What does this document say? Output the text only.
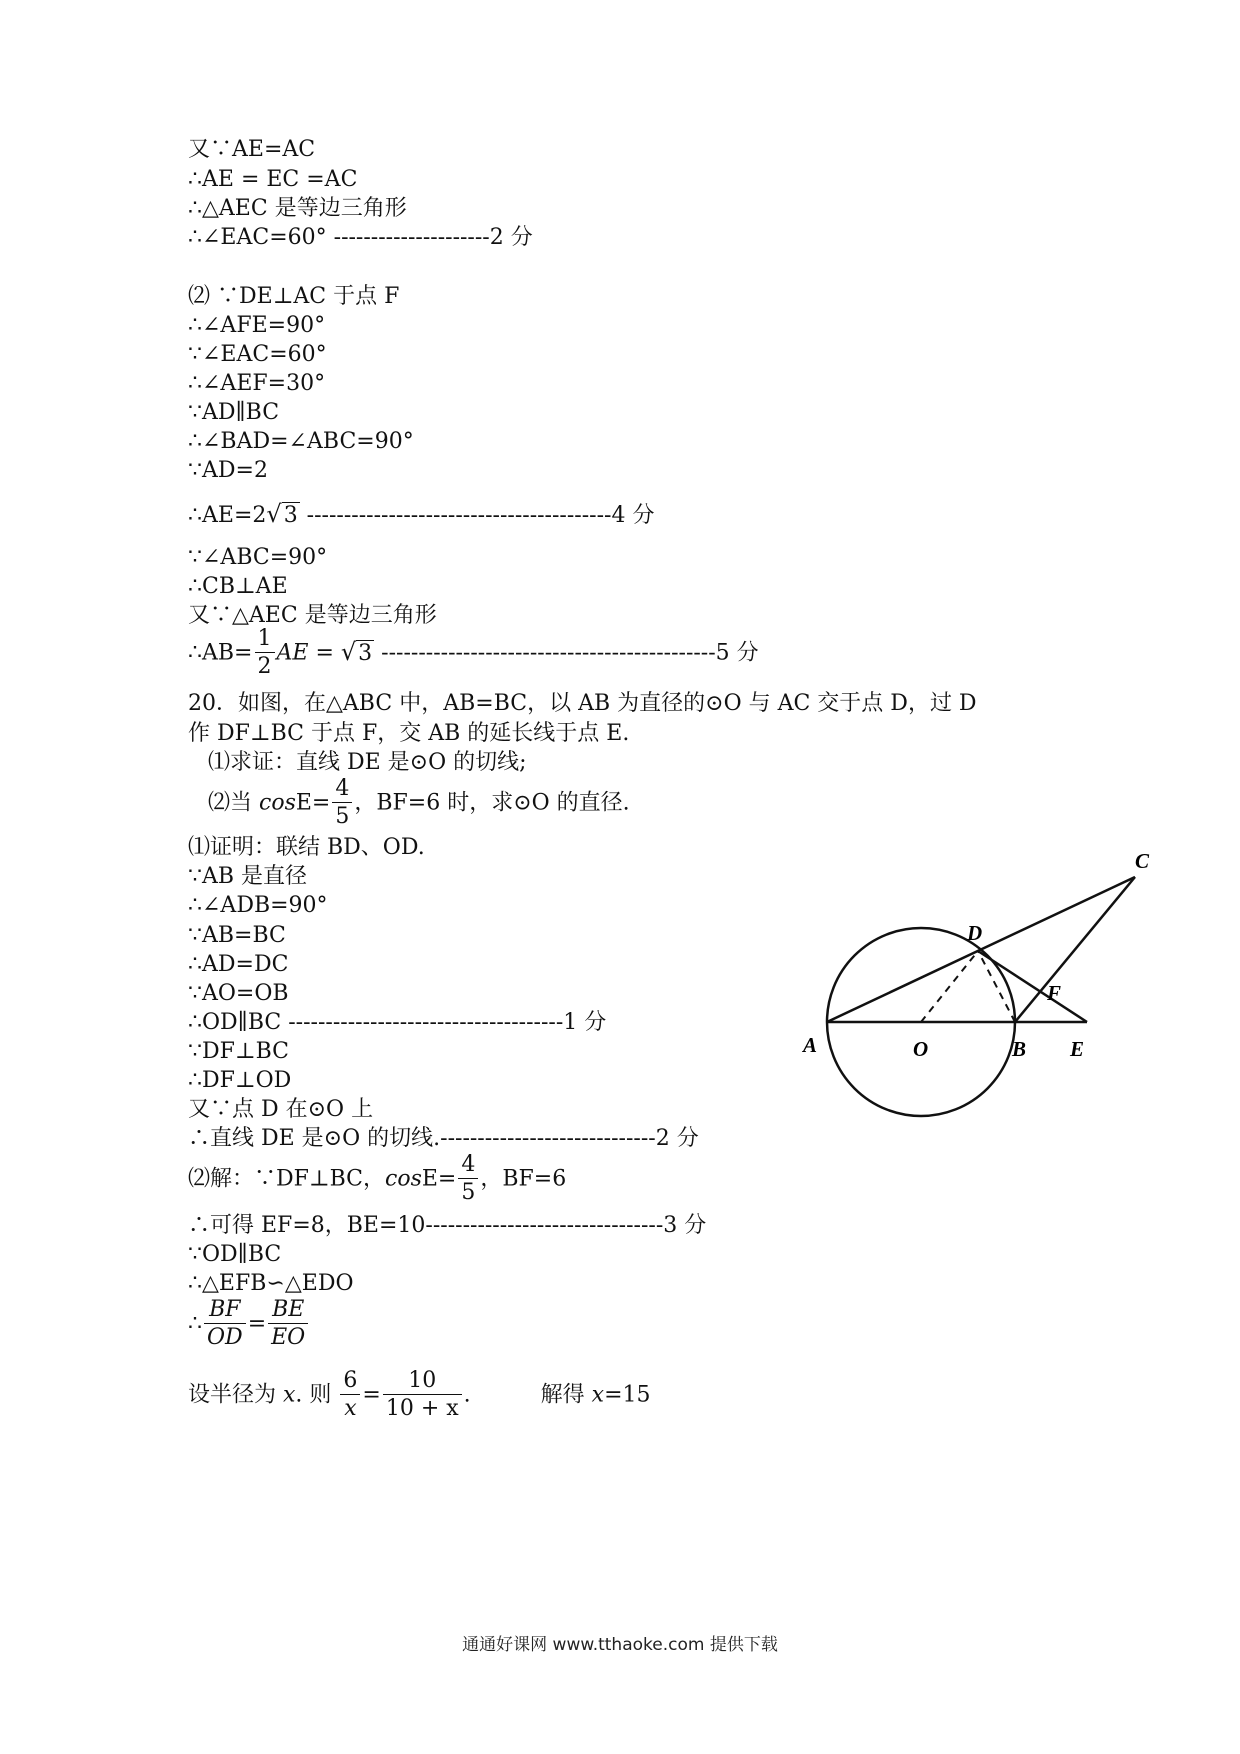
又∵AE=AC
∴AE = EC =AC
∴△AEC 是等边三角形
∴∠EAC=60° ---------------------2 分
⑵ ∵DE⊥AC 于点 F
∴∠AFE=90°
∵∠EAC=60°
∴∠AEF=30°
∵AD∥BC
∴∠BAD=∠ABC=90°
∵AD=2
∴AE=2√3 -----------------------------------------4 分
∵∠ABC=90°
∴CB⊥AE
又∵△AEC 是等边三角形
∴AB= $\frac{1}{2}$ AE = √3 ---------------------------------------------5 分
20．如图，在△ABC 中，AB=BC，以 AB 为直径的⊙O 与 AC 交于点 D，过 D
作 DF⊥BC 于点 F，交 AB 的延长线于点 E.
⑴求证：直线 DE 是⊙O 的切线;
⑵当 $\cos E= \frac{4}{5}$ ，BF=6 时，求⊙O 的直径.
⑴证明：联结 BD、OD.
∵AB 是直径
∴∠ADB=90°
∵AB=BC
∴AD=DC
∵AO=OB
∴OD∥BC -------------------------------------1 分
∵DF⊥BC
∴DF⊥OD
又∵点 D 在⊙O 上
∴直线 DE 是⊙O 的切线.-----------------------------2 分
⑵解：∵DF⊥BC，$\cos E= \frac{4}{5}$ ，BF=6
∴可得 EF=8，BE=10--------------------------------3 分
∵OD∥BC
∴△EFB∽△EDO
∴ $\frac{BF}{OD} = \frac{BE}{EO}$
设半径为 x. 则 $\frac{6}{x} = \frac{10}{10 + x}$ .	解得 x=15
A	O	B E
D
F
C
通通好课网 www.tthaoke.com 提供下载
